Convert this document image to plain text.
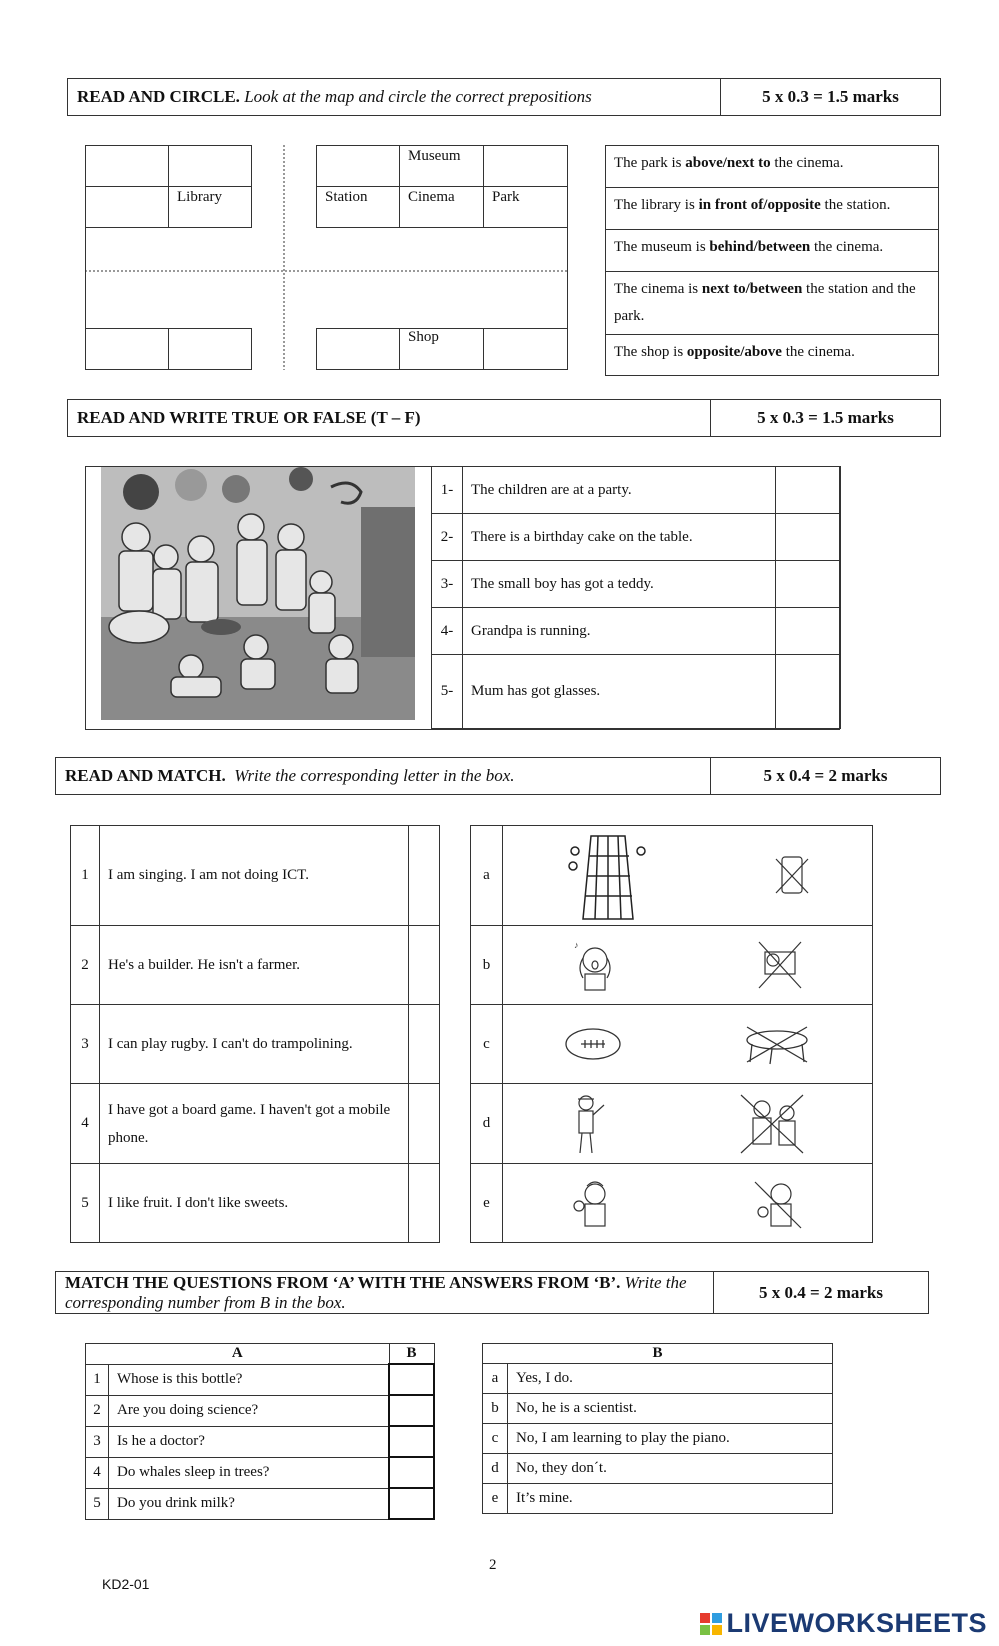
READ AND CIRCLE.
Look at the map and circle the correct prepositions	5 x 0.3 = 1.5 marks
Museum
Library	Station	Cinema Park
Shop
The park is above/next to the cinema.
The library is in front of/opposite the station.
The museum is behind/between the cinema.
The cinema is next to/between the station and the park.
The shop is opposite/above the cinema.
READ AND WRITE TRUE OR FALSE (T – F)	5 x 0.3 = 1.5 marks
1-	The children are at a party.	
2-	There is a birthday cake on the table.	
3-	The small boy has got a teddy.	
4-	Grandpa is running.	
5-	Mum has got glasses.	
READ AND MATCH.
Write the corresponding letter in the box.	5 x 0.4 = 2 marks
1	I am singing. I am not doing ICT.	
2	He's a builder. He isn't a farmer.	
3	I can play rugby. I can't do trampolining.	
4	I have got a board game. I haven't got a mobile phone.	
5	I like fruit. I don't like sweets.	
a	

b	♪

c	

d	

e	
MATCH THE QUESTIONS FROM ‘A’ WITH THE ANSWERS FROM ‘B’. Write the corresponding number from B in the box.
5 x 0.4 = 2 marks
A		B
1	Whose is this bottle?	
2	Are you doing science?	
3	Is he a doctor?	
4	Do whales sleep in trees?	
5	Do you drink milk?	
B	
a	Yes, I do.
b	No, he is a scientist.
c	No, I am learning to play the piano.
d	No, they don´t.
e	It’s mine.
2
KD2-01
LIVEWORKSHEETS
